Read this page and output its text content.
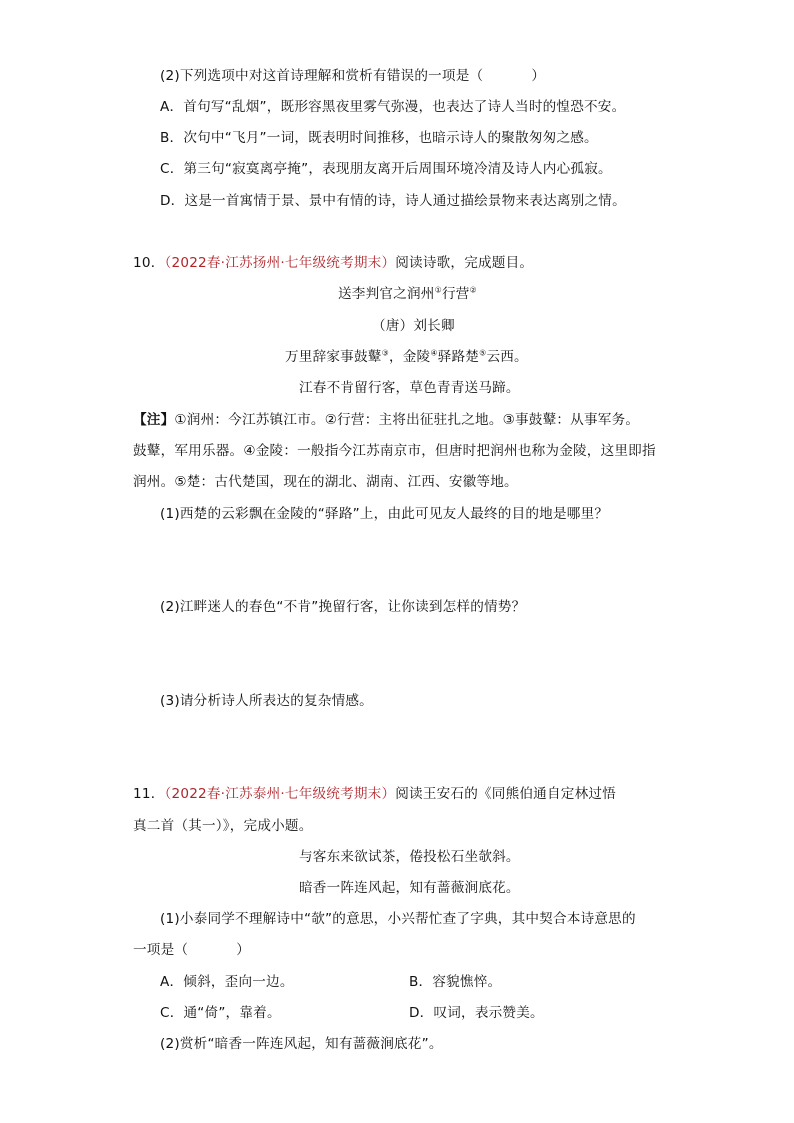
(2)下列选项中对这首诗理解和赏析有错误的一项是（	）
A．首句写“乱烟”，既形容黑夜里雾气弥漫，也表达了诗人当时的惶恐不安。
B．次句中“飞月”一词，既表明时间推移，也暗示诗人的聚散匆匆之感。
C．第三句“寂寞离亭掩”，表现朋友离开后周围环境冷清及诗人内心孤寂。
D．这是一首寓情于景、景中有情的诗，诗人通过描绘景物来表达离别之情。
10．（2022春·江苏扬州·七年级统考期末）阅读诗歌，完成题目。
送李判官之润州①行营②
（唐）刘长卿
万里辞家事鼓鼙③，金陵④驿路楚⑤云西。
江春不肯留行客，草色青青送马蹄。
【注】①润州：今江苏镇江市。②行营：主将出征驻扎之地。③事鼓鼙：从事军务。
鼓鼙，军用乐器。④金陵：一般指今江苏南京市，但唐时把润州也称为金陵，这里即指
润州。⑤楚：古代楚国，现在的湖北、湖南、江西、安徽等地。
(1)西楚的云彩飘在金陵的“驿路”上，由此可见友人最终的目的地是哪里？
(2)江畔迷人的春色“不肯”挽留行客，让你读到怎样的情势？
(3)请分析诗人所表达的复杂情感。
11．（2022春·江苏泰州·七年级统考期末）阅读王安石的《同熊伯通自定林过悟
真二首（其一）》，完成小题。
与客东来欲试茶，倦投松石坐欹斜。
暗香一阵连风起，知有蔷薇涧底花。
(1)小泰同学不理解诗中“欹”的意思，小兴帮忙查了字典，其中契合本诗意思的
一项是（	）
A．倾斜，歪向一边。	B．容貌憔悴。
C．通“倚”，靠着。	D．叹词，表示赞美。
(2)赏析“暗香一阵连风起，知有蔷薇涧底花”。
